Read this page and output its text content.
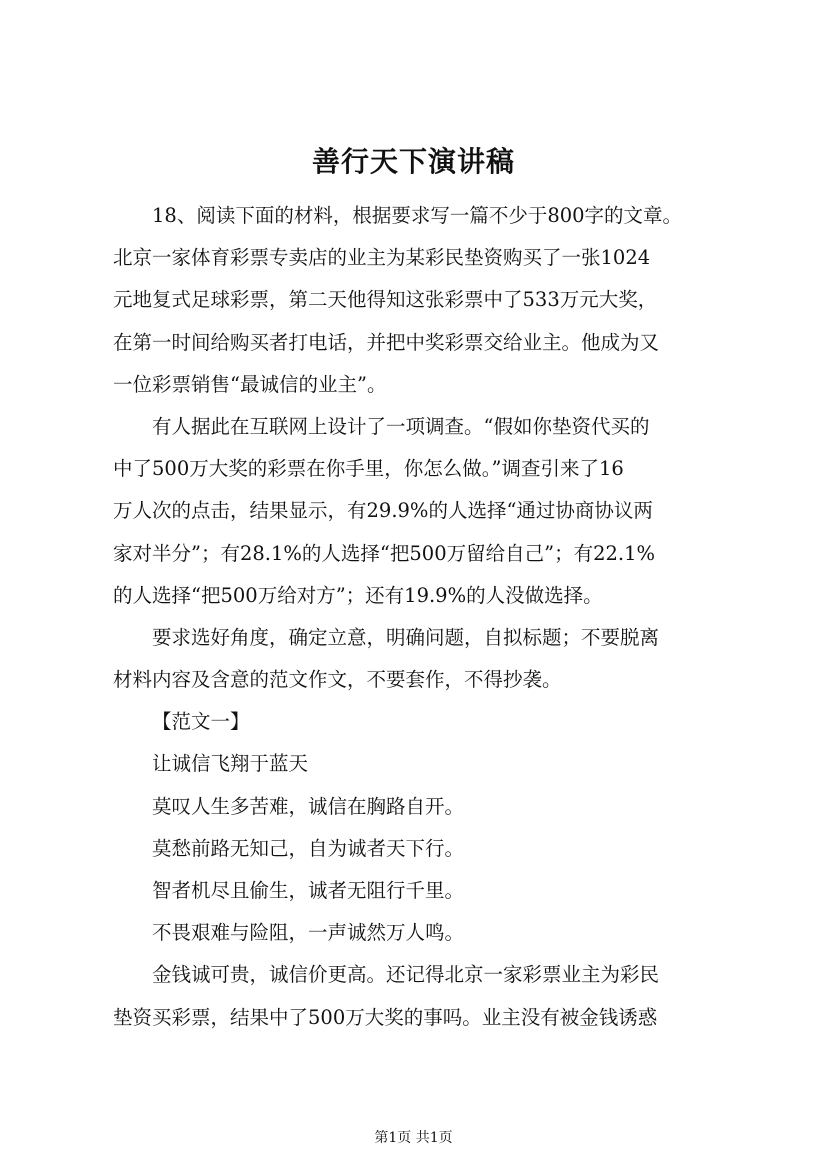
善行天下演讲稿
18、阅读下面的材料，根据要求写一篇不少于800字的文章。
北京一家体育彩票专卖店的业主为某彩民垫资购买了一张1024
元地复式足球彩票，第二天他得知这张彩票中了533万元大奖，
在第一时间给购买者打电话，并把中奖彩票交给业主。他成为又
一位彩票销售“最诚信的业主”。
有人据此在互联网上设计了一项调查。“假如你垫资代买的
中了500万大奖的彩票在你手里，你怎么做。”调查引来了16
万人次的点击，结果显示，有29.9%的人选择“通过协商协议两
家对半分”；有28.1%的人选择“把500万留给自己”；有22.1%
的人选择“把500万给对方”；还有19.9%的人没做选择。
要求选好角度，确定立意，明确问题，自拟标题；不要脱离
材料内容及含意的范文作文，不要套作，不得抄袭。
【范文一】
让诚信飞翔于蓝天
莫叹人生多苦难，诚信在胸路自开。
莫愁前路无知己，自为诚者天下行。
智者机尽且偷生，诚者无阻行千里。
不畏艰难与险阻，一声诚然万人鸣。
金钱诚可贵，诚信价更高。还记得北京一家彩票业主为彩民
垫资买彩票，结果中了500万大奖的事吗。业主没有被金钱诱惑
第1页 共1页
